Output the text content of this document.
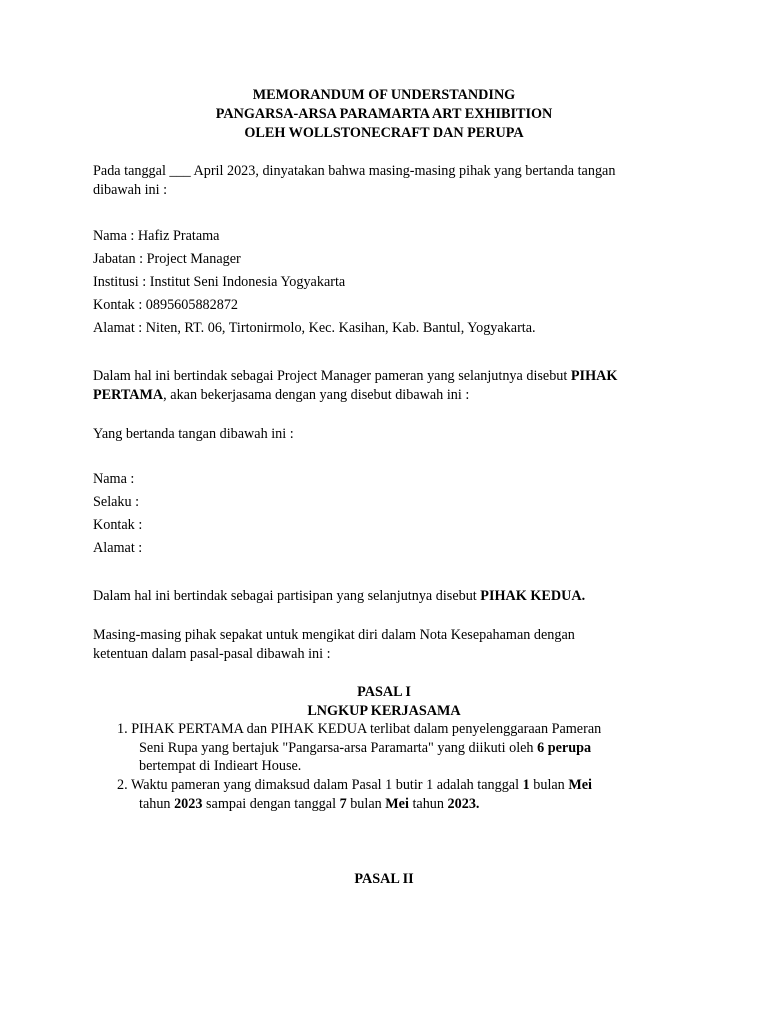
MEMORANDUM OF UNDERSTANDING
PANGARSA-ARSA PARAMARTA ART EXHIBITION
OLEH WOLLSTONECRAFT DAN PERUPA
Pada tanggal ___ April 2023, dinyatakan bahwa masing-masing pihak yang bertanda tangan
dibawah ini :
Nama : Hafiz Pratama
Jabatan : Project Manager
Institusi : Institut Seni Indonesia Yogyakarta
Kontak : 0895605882872
Alamat : Niten, RT. 06, Tirtonirmolo, Kec. Kasihan, Kab. Bantul, Yogyakarta.
Dalam hal ini bertindak sebagai Project Manager pameran yang selanjutnya disebut PIHAK
PERTAMA, akan bekerjasama dengan yang disebut dibawah ini :
Yang bertanda tangan dibawah ini :
Nama :
Selaku :
Kontak :
Alamat :
Dalam hal ini bertindak sebagai partisipan yang selanjutnya disebut PIHAK KEDUA.
Masing-masing pihak sepakat untuk mengikat diri dalam Nota Kesepahaman dengan
ketentuan dalam pasal-pasal dibawah ini :
PASAL I
LNGKUP KERJASAMA
1. PIHAK PERTAMA dan PIHAK KEDUA terlibat dalam penyelenggaraan Pameran
Seni Rupa yang bertajuk "Pangarsa-arsa Paramarta" yang diikuti oleh 6 perupa
bertempat di Indieart House.
2. Waktu pameran yang dimaksud dalam Pasal 1 butir 1 adalah tanggal 1 bulan Mei
tahun 2023 sampai dengan tanggal 7 bulan Mei tahun 2023.
PASAL II
